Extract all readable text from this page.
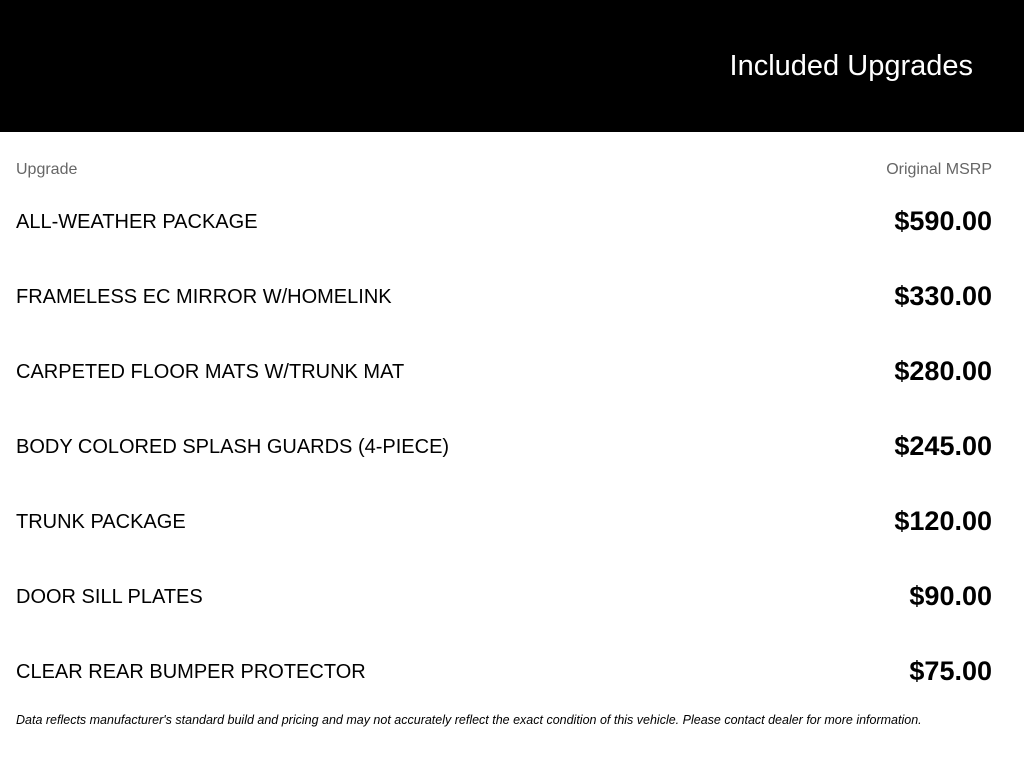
Included Upgrades
Upgrade	Original MSRP
ALL-WEATHER PACKAGE	$590.00
FRAMELESS EC MIRROR W/HOMELINK	$330.00
CARPETED FLOOR MATS W/TRUNK MAT	$280.00
BODY COLORED SPLASH GUARDS (4-PIECE)	$245.00
TRUNK PACKAGE	$120.00
DOOR SILL PLATES	$90.00
CLEAR REAR BUMPER PROTECTOR	$75.00
Data reflects manufacturer's standard build and pricing and may not accurately reflect the exact condition of this vehicle. Please contact dealer for more information.
